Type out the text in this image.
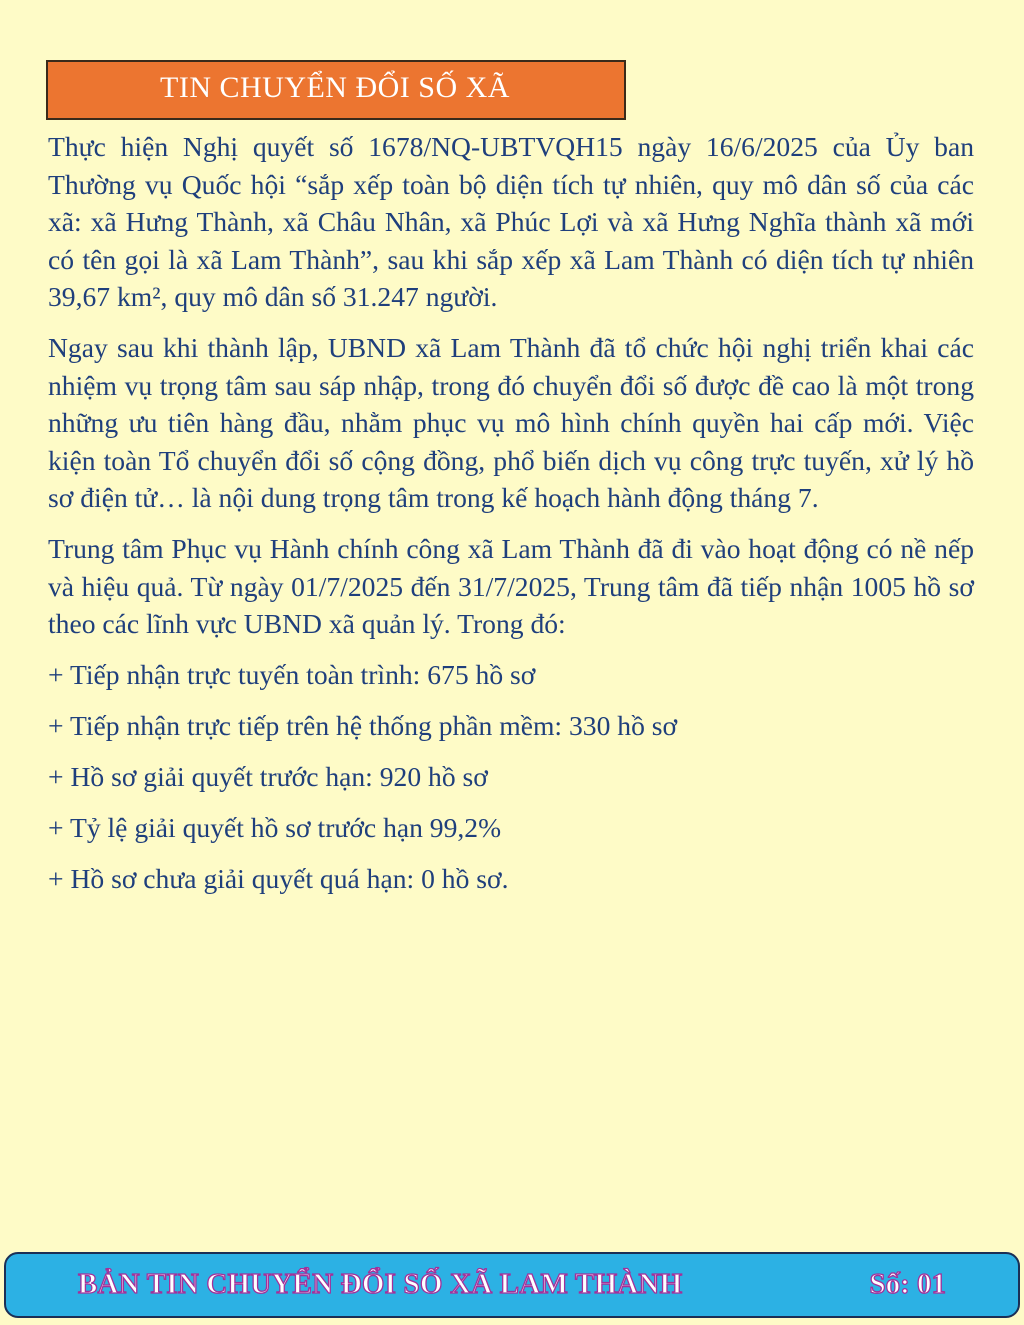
TIN CHUYỂN ĐỔI SỐ XÃ

Thực hiện Nghị quyết số 1678/NQ-UBTVQH15 ngày 16/6/2025 của Ủy ban Thường vụ Quốc hội “sắp xếp toàn bộ diện tích tự nhiên, quy mô dân số của các xã: xã Hưng Thành, xã Châu Nhân, xã Phúc Lợi và xã Hưng Nghĩa thành xã mới có tên gọi là xã Lam Thành”, sau khi sắp xếp xã Lam Thành có diện tích tự nhiên 39,67 km², quy mô dân số 31.247 người.

Ngay sau khi thành lập, UBND xã Lam Thành đã tổ chức hội nghị triển khai các nhiệm vụ trọng tâm sau sáp nhập, trong đó chuyển đổi số được đề cao là một trong những ưu tiên hàng đầu, nhằm phục vụ mô hình chính quyền hai cấp mới. Việc kiện toàn Tổ chuyển đổi số cộng đồng, phổ biến dịch vụ công trực tuyến, xử lý hồ sơ điện tử… là nội dung trọng tâm trong kế hoạch hành động tháng 7.

Trung tâm Phục vụ Hành chính công xã Lam Thành đã đi vào hoạt động có nề nếp và hiệu quả. Từ ngày 01/7/2025 đến 31/7/2025, Trung tâm đã tiếp nhận 1005 hồ sơ theo các lĩnh vực UBND xã quản lý. Trong đó:

+ Tiếp nhận trực tuyến toàn trình: 675 hồ sơ
+ Tiếp nhận trực tiếp trên hệ thống phần mềm: 330 hồ sơ
+ Hồ sơ giải quyết trước hạn: 920 hồ sơ
+ Tỷ lệ giải quyết hồ sơ trước hạn 99,2%
+ Hồ sơ chưa giải quyết quá hạn: 0 hồ sơ.
BẢN TIN CHUYỂN ĐỔI SỐ XÃ LAM THÀNH	Số: 01
